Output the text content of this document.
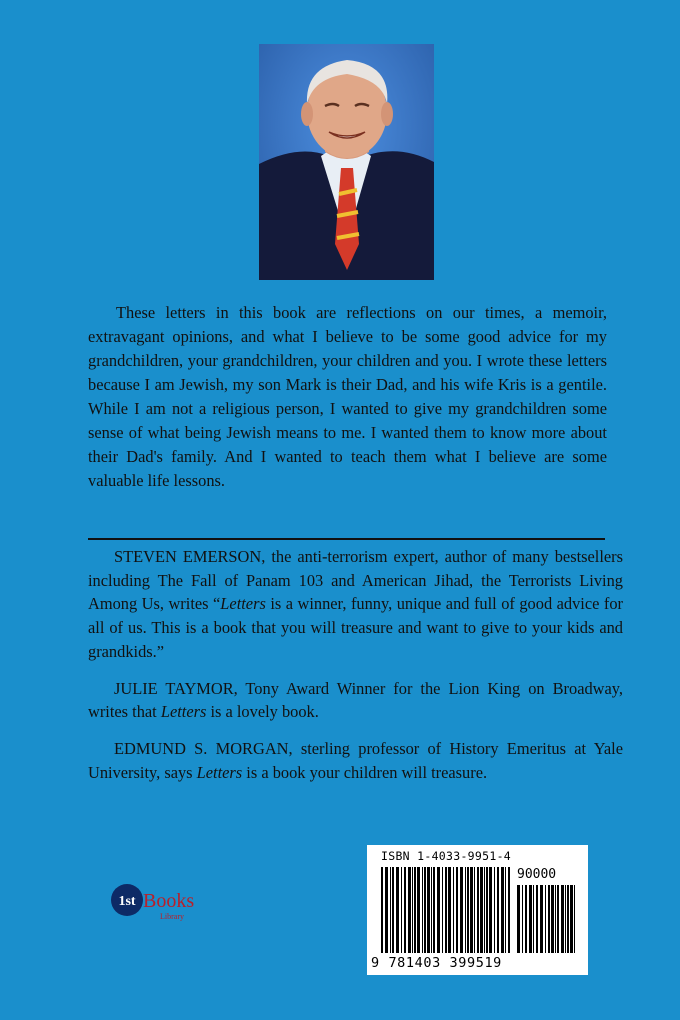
These letters in this book are reflections on our times, a memoir, extravagant opinions, and what I believe to be some good advice for my grandchildren, your grandchildren, your children and you. I wrote these letters because I am Jewish, my son Mark is their Dad, and his wife Kris is a gentile. While I am not a religious person, I wanted to give my grandchildren some sense of what being Jewish means to me. I wanted them to know more about their Dad's family. And I wanted to teach them what I believe are some valuable life lessons.

STEVEN EMERSON, the anti-terrorism expert, author of many bestsellers including The Fall of Panam 103 and American Jihad, the Terrorists Living Among Us, writes “Letters is a winner, funny, unique and full of good advice for all of us. This is a book that you will treasure and want to give to your kids and grandkids.”

JULIE TAYMOR, Tony Award Winner for the Lion King on Broadway, writes that Letters is a lovely book.

EDMUND S. MORGAN, sterling professor of History Emeritus at Yale University, says Letters is a book your children will treasure.

1st Books
Library
ISBN 1-4033-9951-4
90000
9 781403 399519
